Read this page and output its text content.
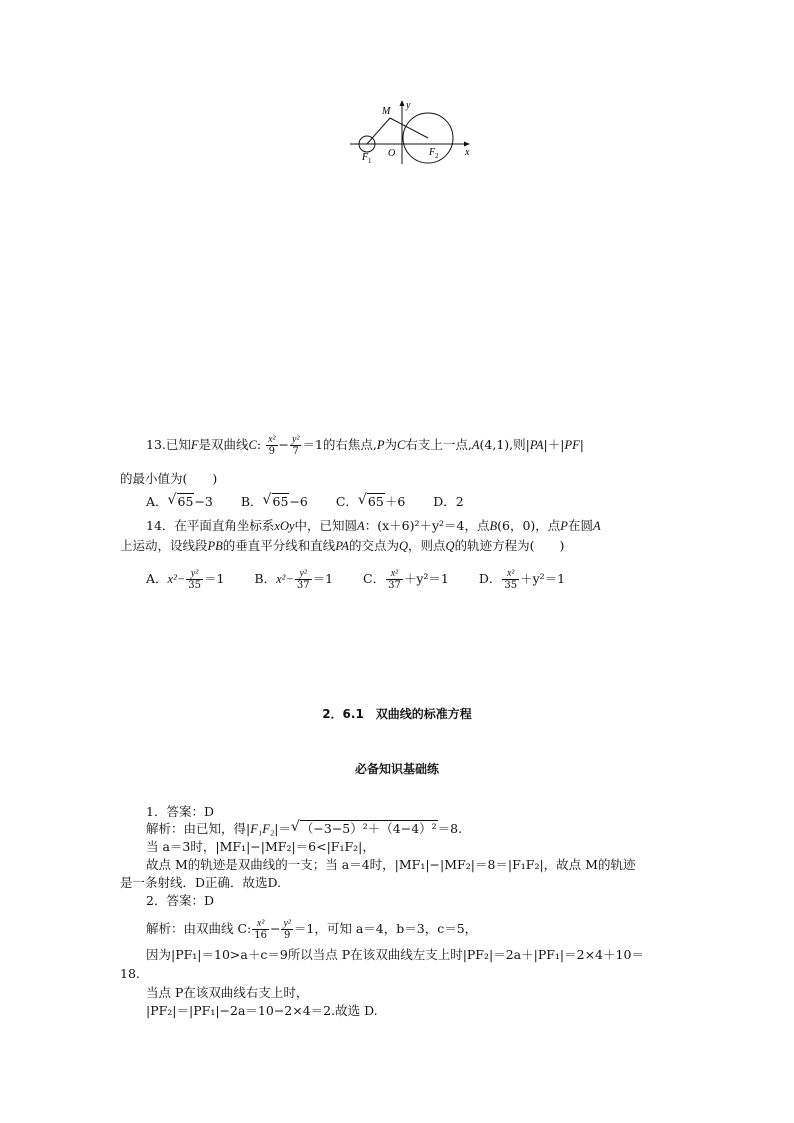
M
y
F 1
O	F 2	x
13.已知F是双曲线C: $\frac{\text{x²}}{9} - \frac{\text{y²}}{7} =1$的右焦点,P为C右支上一点,A(4,1),则|PA|＋|PF|
的最小值为(　　)
A． √ 65−3 B． √ 65−6 C． √ 65＋6 D．2
14．在平面直角坐标系xOy中，已知圆A：(x＋6)²＋y²＝4，点B(6，0)，点P在圆A
上运动，设线段PB的垂直平分线和直线PA的交点为Q，则点Q的轨迹方程为(　　)
A．$x^2- \frac{\text{y²}}{35} =1$ B．$x^2- \frac{\text{y²}}{37} =1$ C． $\frac{\text{x²}}{37} +y^2=1$ D． $\frac{\text{x²}}{35} +y^2=1$
2．6.1　双曲线的标准方程
必备知识基础练
1．答案：D
解析：由已知，得|F₁F₂|＝ √ （−3−5）²＋（4−4）²＝8.
当 a＝3时，|MF₁|−|MF₂|＝6<|F₁F₂|，
故点 M的轨迹是双曲线的一支；当 a＝4时，|MF₁|−|MF₂|＝8＝|F₁F₂|，故点 M的轨迹
是一条射线．D正确．故选D.
2．答案：D
解析：由双曲线 C: $\frac{\text{x²}}{16} - \frac{\text{y²}}{9} =1$，可知 a＝4，b＝3，c＝5，
因为|PF₁|＝10>a＋c＝9所以当点 P在该双曲线左支上时|PF₂|＝2a＋|PF₁|＝2×4＋10＝
18.
当点 P在该双曲线右支上时，
|PF₂|＝|PF₁|−2a＝10−2×4＝2.故选 D.
